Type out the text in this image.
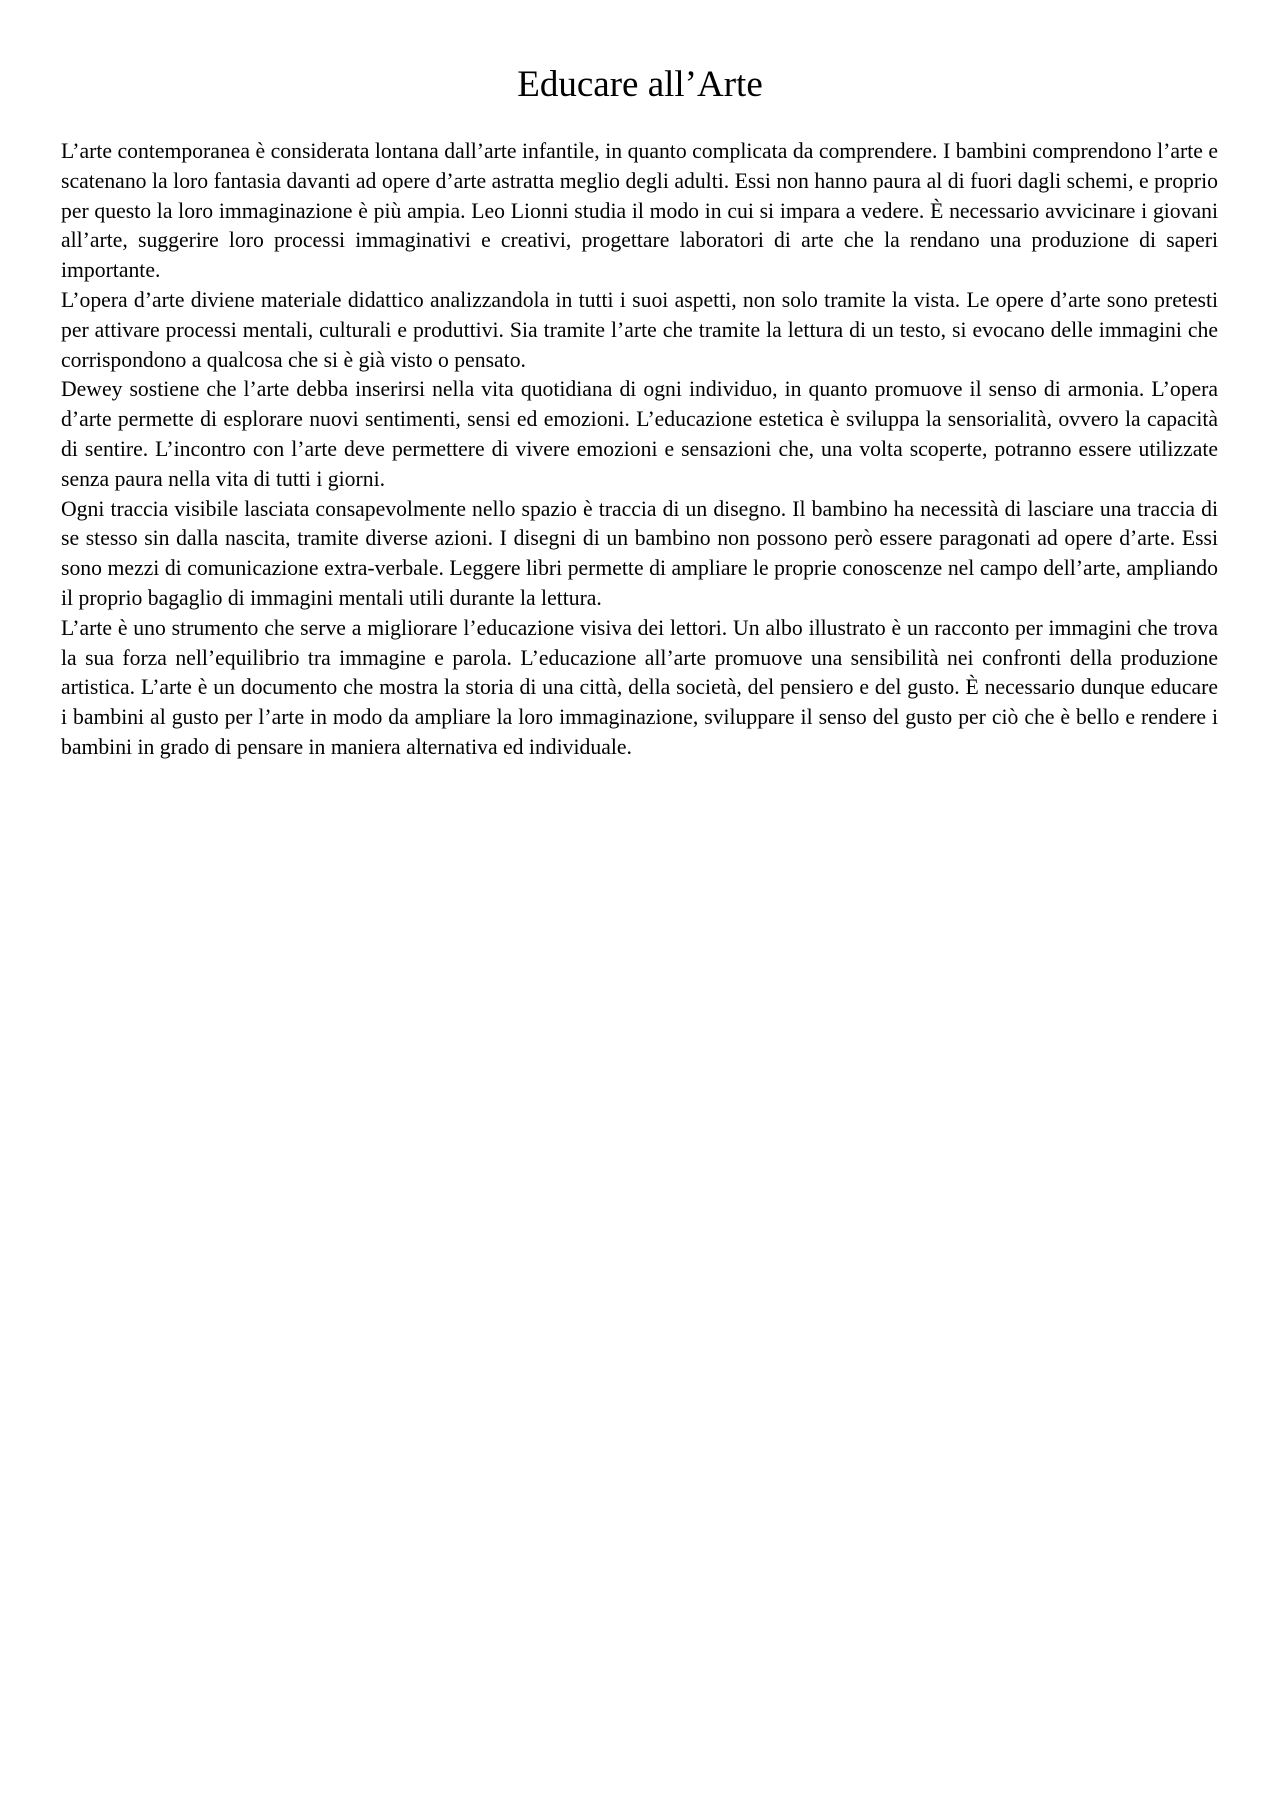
Educare all’Arte

L’arte contemporanea è considerata lontana dall’arte infantile, in quanto complicata da comprendere. I bambini comprendono l’arte e scatenano la loro fantasia davanti ad opere d’arte astratta meglio degli adulti. Essi non hanno paura al di fuori dagli schemi, e proprio per questo la loro immaginazione è più ampia. Leo Lionni studia il modo in cui si impara a vedere. È necessario avvicinare i giovani all’arte, suggerire loro processi immaginativi e creativi, progettare laboratori di arte che la rendano una produzione di saperi importante.

L’opera d’arte diviene materiale didattico analizzandola in tutti i suoi aspetti, non solo tramite la vista. Le opere d’arte sono pretesti per attivare processi mentali, culturali e produttivi. Sia tramite l’arte che tramite la lettura di un testo, si evocano delle immagini che corrispondono a qualcosa che si è già visto o pensato.

Dewey sostiene che l’arte debba inserirsi nella vita quotidiana di ogni individuo, in quanto promuove il senso di armonia. L’opera d’arte permette di esplorare nuovi sentimenti, sensi ed emozioni. L’educazione estetica è sviluppa la sensorialità, ovvero la capacità di sentire. L’incontro con l’arte deve permettere di vivere emozioni e sensazioni che, una volta scoperte, potranno essere utilizzate senza paura nella vita di tutti i giorni.

Ogni traccia visibile lasciata consapevolmente nello spazio è traccia di un disegno. Il bambino ha necessità di lasciare una traccia di se stesso sin dalla nascita, tramite diverse azioni. I disegni di un bambino non possono però essere paragonati ad opere d’arte. Essi sono mezzi di comunicazione extra-verbale. Leggere libri permette di ampliare le proprie conoscenze nel campo dell’arte, ampliando il proprio bagaglio di immagini mentali utili durante la lettura.

L’arte è uno strumento che serve a migliorare l’educazione visiva dei lettori. Un albo illustrato è un racconto per immagini che trova la sua forza nell’equilibrio tra immagine e parola. L’educazione all’arte promuove una sensibilità nei confronti della produzione artistica. L’arte è un documento che mostra la storia di una città, della società, del pensiero e del gusto. È necessario dunque educare i bambini al gusto per l’arte in modo da ampliare la loro immaginazione, sviluppare il senso del gusto per ciò che è bello e rendere i bambini in grado di pensare in maniera alternativa ed individuale.
